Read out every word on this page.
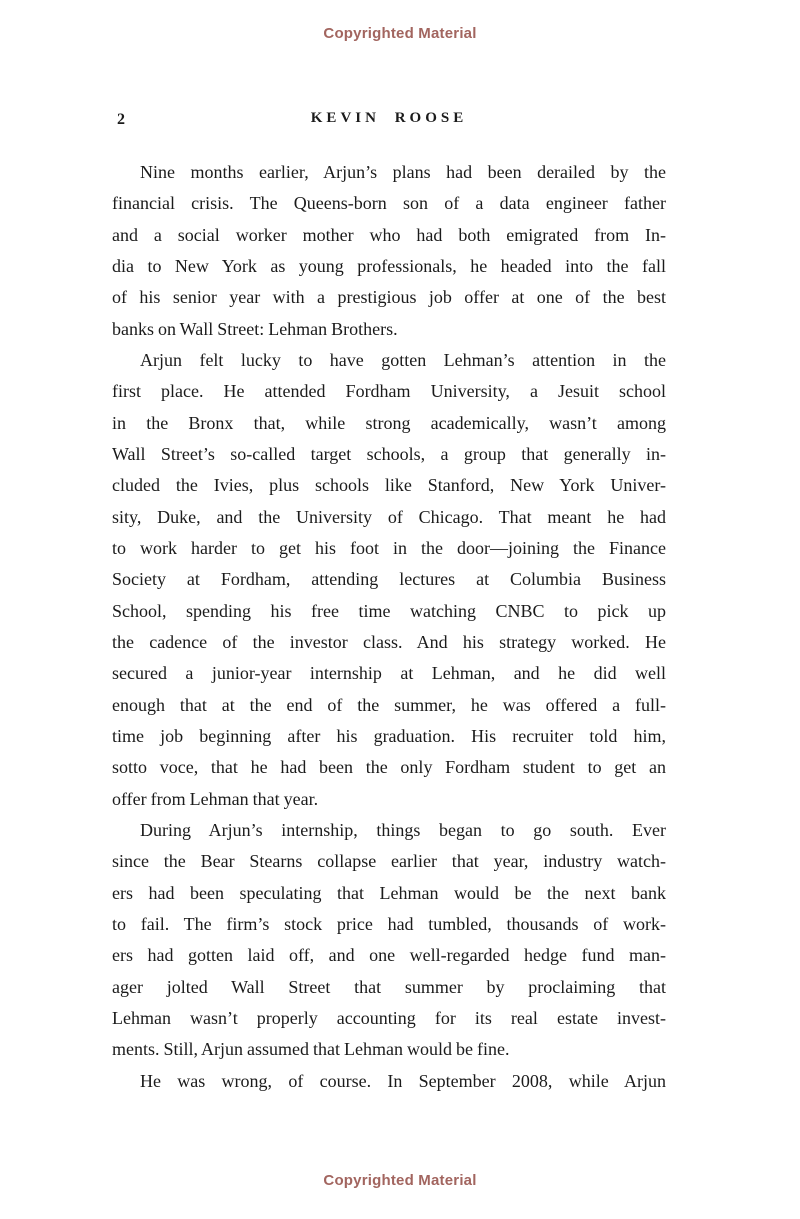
Copyrighted Material
2	KEVIN ROOSE
Nine months earlier, Arjun’s plans had been derailed by the
financial crisis. The Queens-born son of a data engineer father
and a social worker mother who had both emigrated from In-
dia to New York as young professionals, he headed into the fall
of his senior year with a prestigious job offer at one of the best
banks on Wall Street: Lehman Brothers.
Arjun felt lucky to have gotten Lehman’s attention in the
first place. He attended Fordham University, a Jesuit school
in the Bronx that, while strong academically, wasn’t among
Wall Street’s so-called target schools, a group that generally in-
cluded the Ivies, plus schools like Stanford, New York Univer-
sity, Duke, and the University of Chicago. That meant he had
to work harder to get his foot in the door—joining the Finance
Society at Fordham, attending lectures at Columbia Business
School, spending his free time watching CNBC to pick up
the cadence of the investor class. And his strategy worked. He
secured a junior-year internship at Lehman, and he did well
enough that at the end of the summer, he was offered a full-
time job beginning after his graduation. His recruiter told him,
sotto voce, that he had been the only Fordham student to get an
offer from Lehman that year.
During Arjun’s internship, things began to go south. Ever
since the Bear Stearns collapse earlier that year, industry watch-
ers had been speculating that Lehman would be the next bank
to fail. The firm’s stock price had tumbled, thousands of work-
ers had gotten laid off, and one well-regarded hedge fund man-
ager jolted Wall Street that summer by proclaiming that
Lehman wasn’t properly accounting for its real estate invest-
ments. Still, Arjun assumed that Lehman would be fine.
He was wrong, of course. In September 2008, while Arjun
Copyrighted Material
